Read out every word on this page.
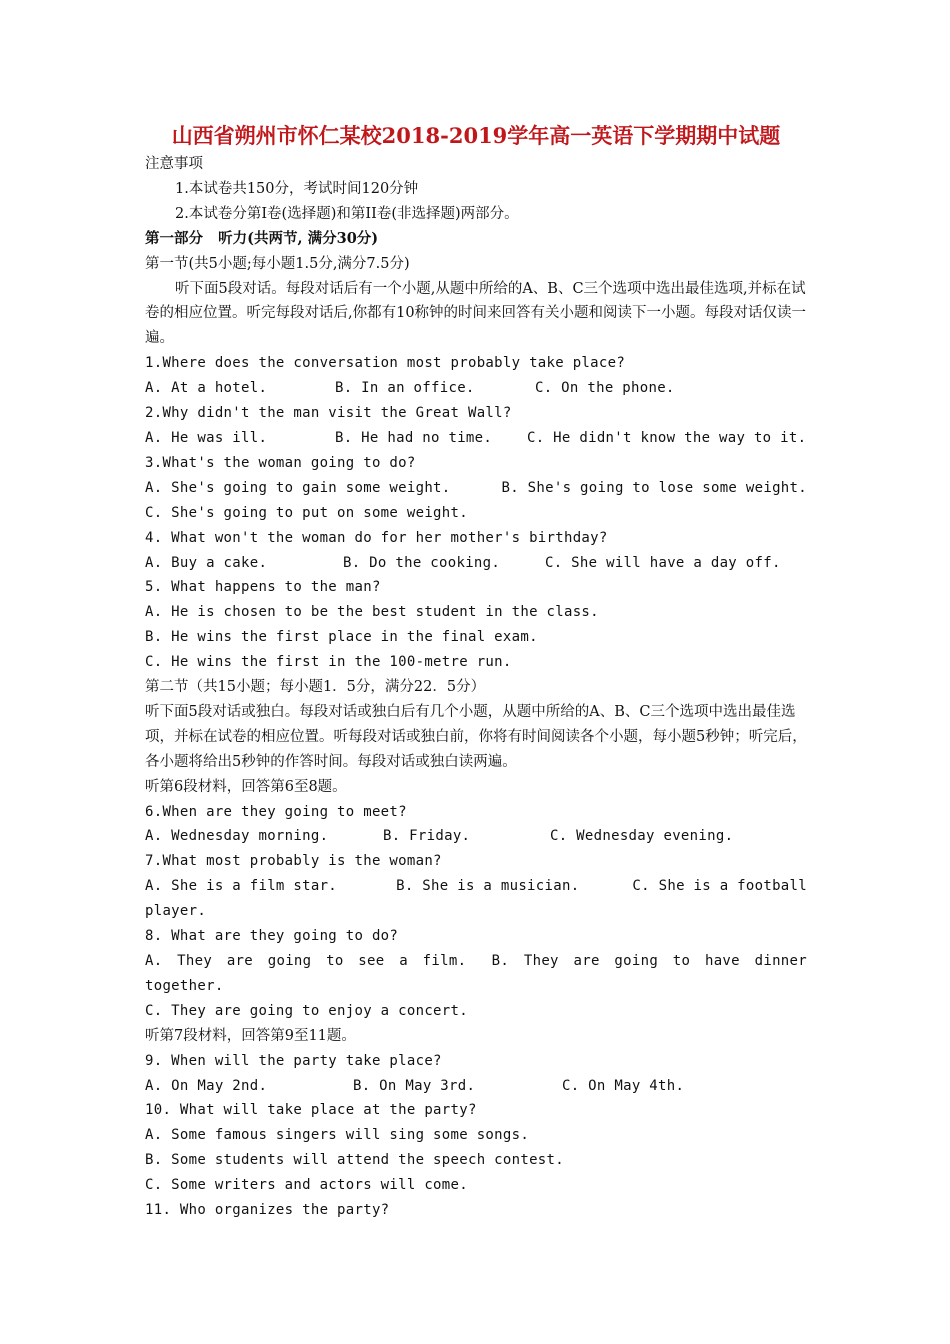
山西省朔州市怀仁某校2018-2019学年高一英语下学期期中试题
注意事项
1.本试卷共150分，考试时间120分钟
2.本试卷分第I卷(选择题)和第II卷(非选择题)两部分。
第一部分   听力(共两节, 满分30分)
第一节(共5小题;每小题1.5分,满分7.5分)
听下面5段对话。每段对话后有一个小题,从题中所给的A、B、C三个选项中选出最佳选项,并标在试卷的相应位置。听完每段对话后,你都有10称钟的时间来回答有关小题和阅读下一小题。每段对话仅读一遍。
1.Where does the conversation most probably take place?
A. At a hotel.	B. In an office.	C. On the phone.
2.Why didn't the man visit the Great Wall?
A. He was ill.	B. He had no time.	C. He didn't know the way to it.
3.What's the woman going to do?
A. She's going to gain some weight.	B. She's going to lose some weight.
C. She's going to put on some weight.
4. What won't the woman do for her mother's birthday?
A. Buy a cake.	B. Do the cooking.	C. She will have a day off.
5. What happens to the man?
A. He is chosen to be the best student in the class.
B. He wins the first place in the final exam.
C. He wins the first in the 100-metre run.
第二节（共15小题；每小题1．5分，满分22．5分）
听下面5段对话或独白。每段对话或独白后有几个小题，从题中所给的A、B、C三个选项中选出最佳选项，并标在试卷的相应位置。听每段对话或独白前，你将有时间阅读各个小题，每小题5秒钟；听完后，各小题将给出5秒钟的作答时间。每段对话或独白读两遍。
听第6段材料，回答第6至8题。
6.When are they going to meet?
A. Wednesday morning.	B. Friday.	C. Wednesday evening.
7.What most probably is the woman?
A. She is a film star.	B. She is a musician.	C. She is a football
player.
8. What are they going to do?
A. They are going to see a film.	B. They are going to have dinner
together.
C. They are going to enjoy a concert.
听第7段材料，回答第9至11题。
9. When will the party take place?
A. On May 2nd.	B. On May 3rd.	C. On May 4th.
10. What will take place at the party?
A. Some famous singers will sing some songs.
B. Some students will attend the speech contest.
C. Some writers and actors will come.
11. Who organizes the party?
